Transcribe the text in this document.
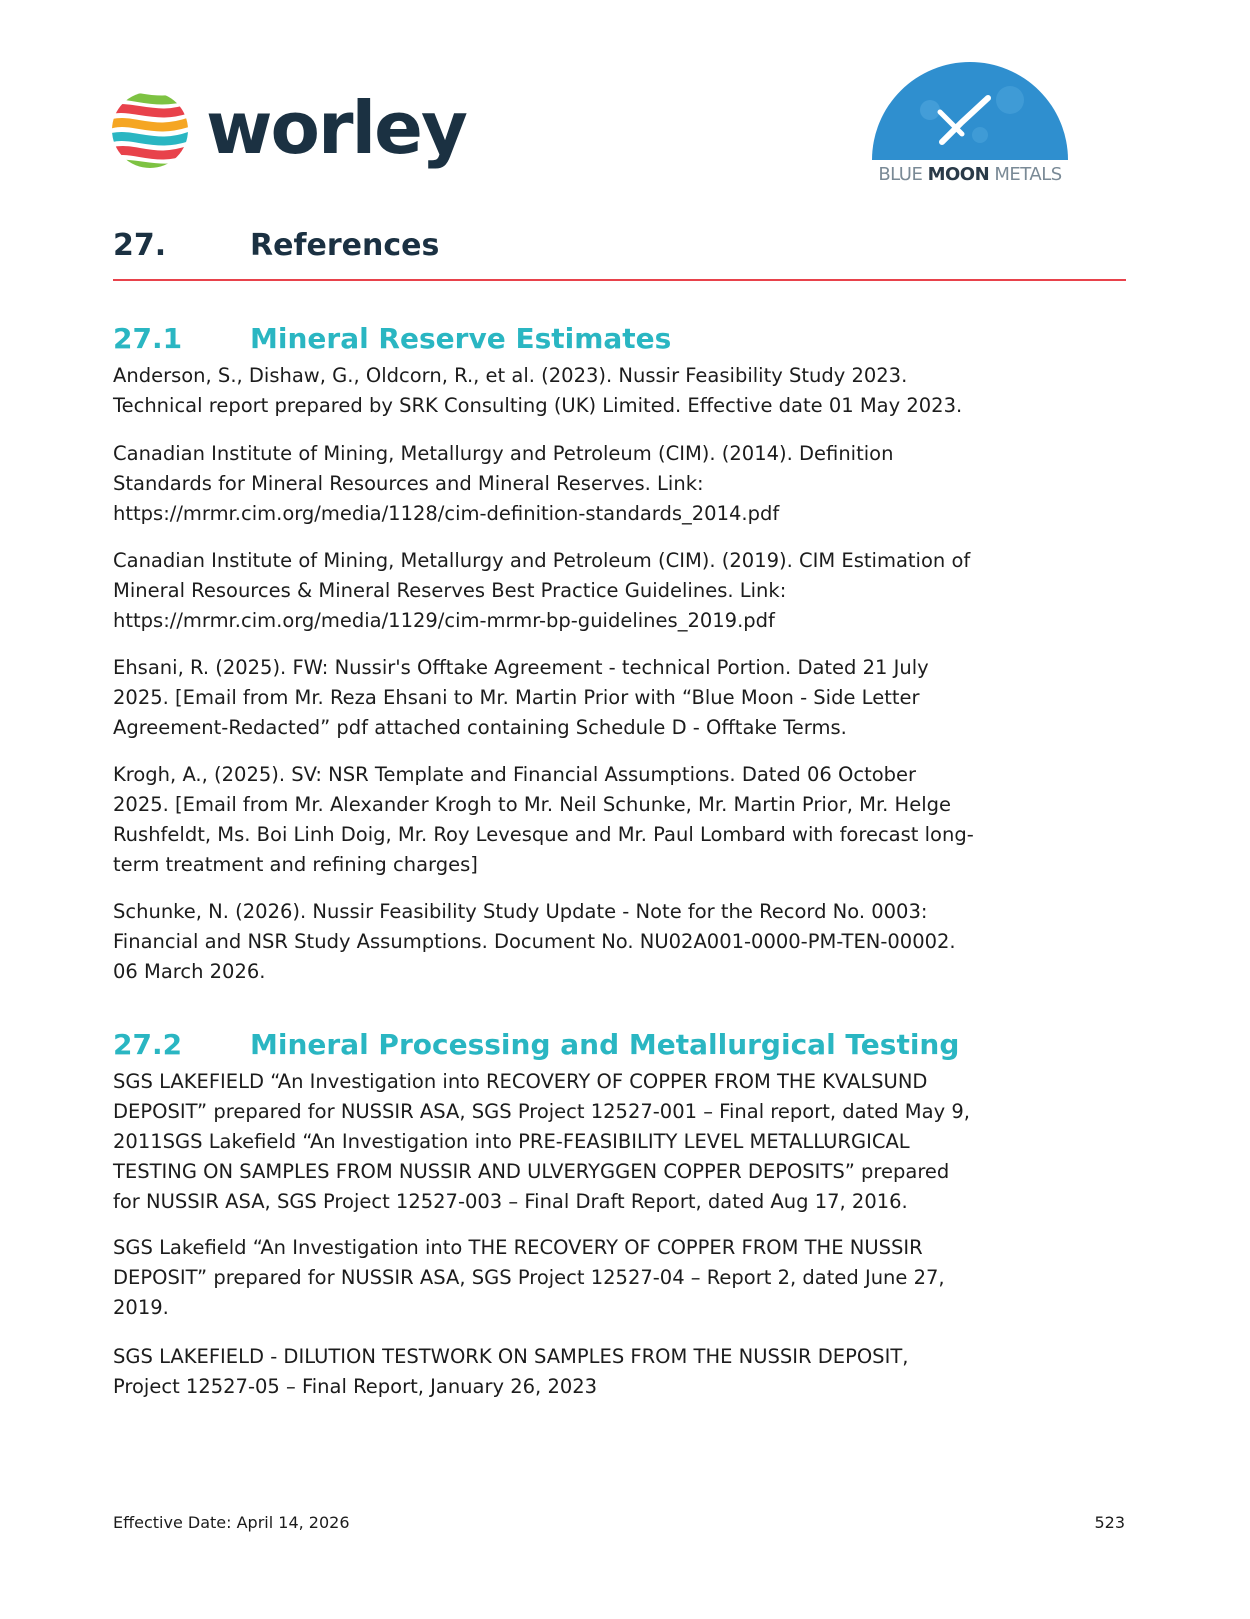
worley
BLUE MOON METALS
27.	References
27.1 Mineral Reserve Estimates
Anderson, S., Dishaw, G., Oldcorn, R., et al. (2023). Nussir Feasibility Study 2023.
Technical report prepared by SRK Consulting (UK) Limited. Effective date 01 May 2023.
Canadian Institute of Mining, Metallurgy and Petroleum (CIM). (2014). Definition
Standards for Mineral Resources and Mineral Reserves. Link:
https://mrmr.cim.org/media/1128/cim-definition-standards_2014.pdf
Canadian Institute of Mining, Metallurgy and Petroleum (CIM). (2019). CIM Estimation of
Mineral Resources & Mineral Reserves Best Practice Guidelines. Link:
https://mrmr.cim.org/media/1129/cim-mrmr-bp-guidelines_2019.pdf
Ehsani, R. (2025). FW: Nussir's Offtake Agreement - technical Portion. Dated 21 July
2025. [Email from Mr. Reza Ehsani to Mr. Martin Prior with “Blue Moon - Side Letter
Agreement-Redacted” pdf attached containing Schedule D - Offtake Terms.
Krogh, A., (2025). SV: NSR Template and Financial Assumptions. Dated 06 October
2025. [Email from Mr. Alexander Krogh to Mr. Neil Schunke, Mr. Martin Prior, Mr. Helge
Rushfeldt, Ms. Boi Linh Doig, Mr. Roy Levesque and Mr. Paul Lombard with forecast long-
term treatment and refining charges]
Schunke, N. (2026). Nussir Feasibility Study Update - Note for the Record No. 0003:
Financial and NSR Study Assumptions. Document No. NU02A001-0000-PM-TEN-00002.
06 March 2026.
27.2 Mineral Processing and Metallurgical Testing
SGS LAKEFIELD “An Investigation into RECOVERY OF COPPER FROM THE KVALSUND
DEPOSIT” prepared for NUSSIR ASA, SGS Project 12527-001 – Final report, dated May 9,
2011SGS Lakefield “An Investigation into PRE-FEASIBILITY LEVEL METALLURGICAL
TESTING ON SAMPLES FROM NUSSIR AND ULVERYGGEN COPPER DEPOSITS” prepared
for NUSSIR ASA, SGS Project 12527-003 – Final Draft Report, dated Aug 17, 2016.
SGS Lakefield “An Investigation into THE RECOVERY OF COPPER FROM THE NUSSIR
DEPOSIT” prepared for NUSSIR ASA, SGS Project 12527-04 – Report 2, dated June 27,
2019.
SGS LAKEFIELD - DILUTION TESTWORK ON SAMPLES FROM THE NUSSIR DEPOSIT,
Project 12527-05 – Final Report, January 26, 2023
Effective Date: April 14, 2026	523
